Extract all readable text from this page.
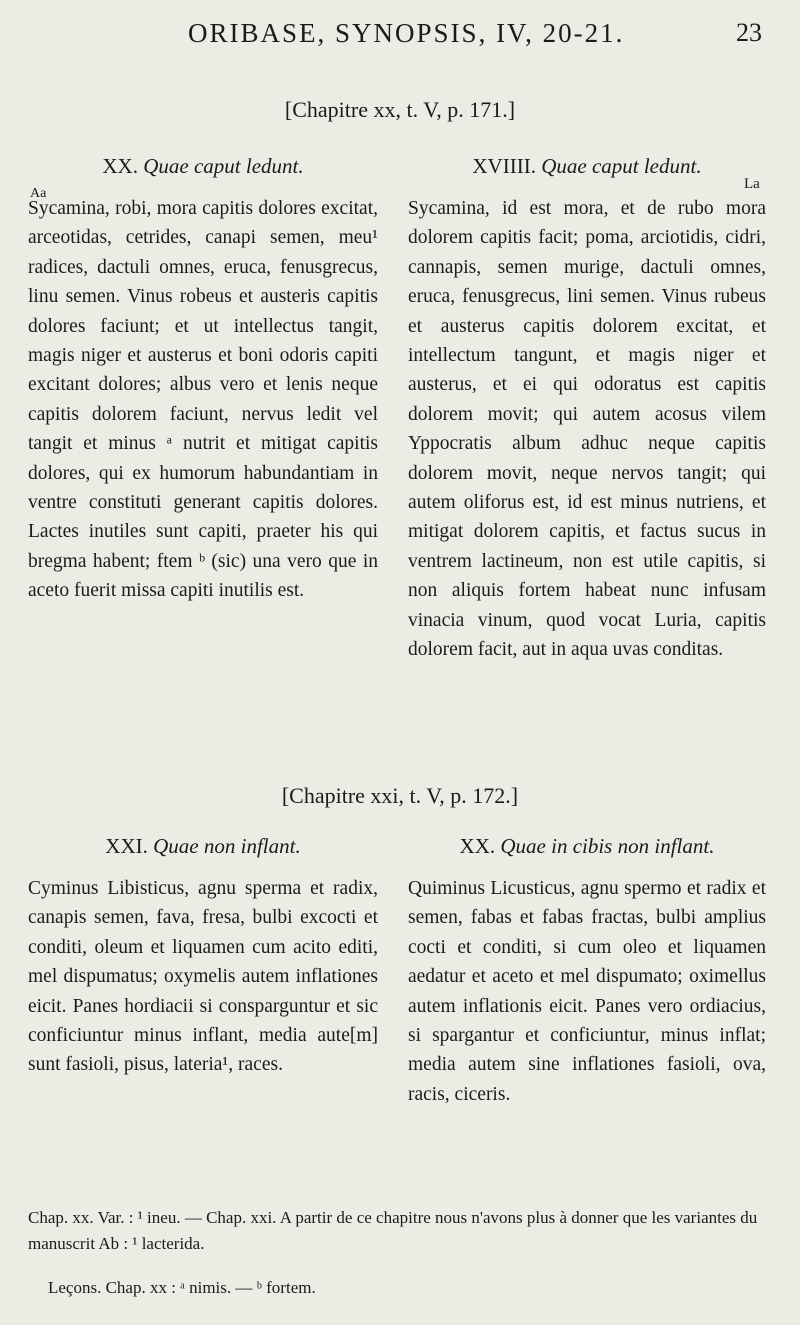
ORIBASE, SYNOPSIS, IV, 20-21.	23
[Chapitre xx, t. V, p. 171.]
Aa
La
XX. Quae caput ledunt.

Sycamina, robi, mora capitis dolores excitat, arceotidas, cetrides, canapi semen, meu¹ radices, dactuli omnes, eruca, fenusgrecus, linu semen. Vinus robeus et austeris capitis dolores faciunt; et ut intellectus tangit, magis niger et austerus et boni odoris capiti excitant dolores; albus vero et lenis neque capitis dolorem faciunt, nervus ledit vel tangit et minus ᵃ nutrit et mitigat capitis dolores, qui ex humorum habundantiam in ventre constituti generant capitis dolores. Lactes inutiles sunt capiti, praeter his qui bregma habent; ftem ᵇ (sic) una vero que in aceto fuerit missa capiti inutilis est.

XVIIII. Quae caput ledunt.

Sycamina, id est mora, et de rubo mora dolorem capitis facit; poma, arciotidis, cidri, cannapis, semen murige, dactuli omnes, eruca, fenusgrecus, lini semen. Vinus rubeus et austerus capitis dolorem excitat, et intellectum tangunt, et magis niger et austerus, et ei qui odoratus est capitis dolorem movit; qui autem acosus vilem Yppocratis album adhuc neque capitis dolorem movit, neque nervos tangit; qui autem oliforus est, id est minus nutriens, et mitigat dolorem capitis, et factus sucus in ventrem lactineum, non est utile capitis, si non aliquis fortem habeat nunc infusam vinacia vinum, quod vocat Luria, capitis dolorem facit, aut in aqua uvas conditas.

[Chapitre xxi, t. V, p. 172.]
XXI. Quae non inflant.

Cyminus Libisticus, agnu sperma et radix, canapis semen, fava, fresa, bulbi excocti et conditi, oleum et liquamen cum acito editi, mel dispumatus; oxymelis autem inflationes eicit. Panes hordiacii si consparguntur et sic conficiuntur minus inflant, media aute[m] sunt fasioli, pisus, lateria¹, races.

XX. Quae in cibis non inflant.

Quiminus Licusticus, agnu spermo et radix et semen, fabas et fabas fractas, bulbi amplius cocti et conditi, si cum oleo et liquamen aedatur et aceto et mel dispumato; oximellus autem inflationis eicit. Panes vero ordiacius, si spargantur et conficiuntur, minus inflat; media autem sine inflationes fasioli, ova, racis, ciceris.

Chap. xx. Var. : ¹ ineu. — Chap. xxi. A partir de ce chapitre nous n'avons plus à donner que les variantes du manuscrit Ab : ¹ lacterida.
Leçons. Chap. xx : ᵃ nimis. — ᵇ fortem.
